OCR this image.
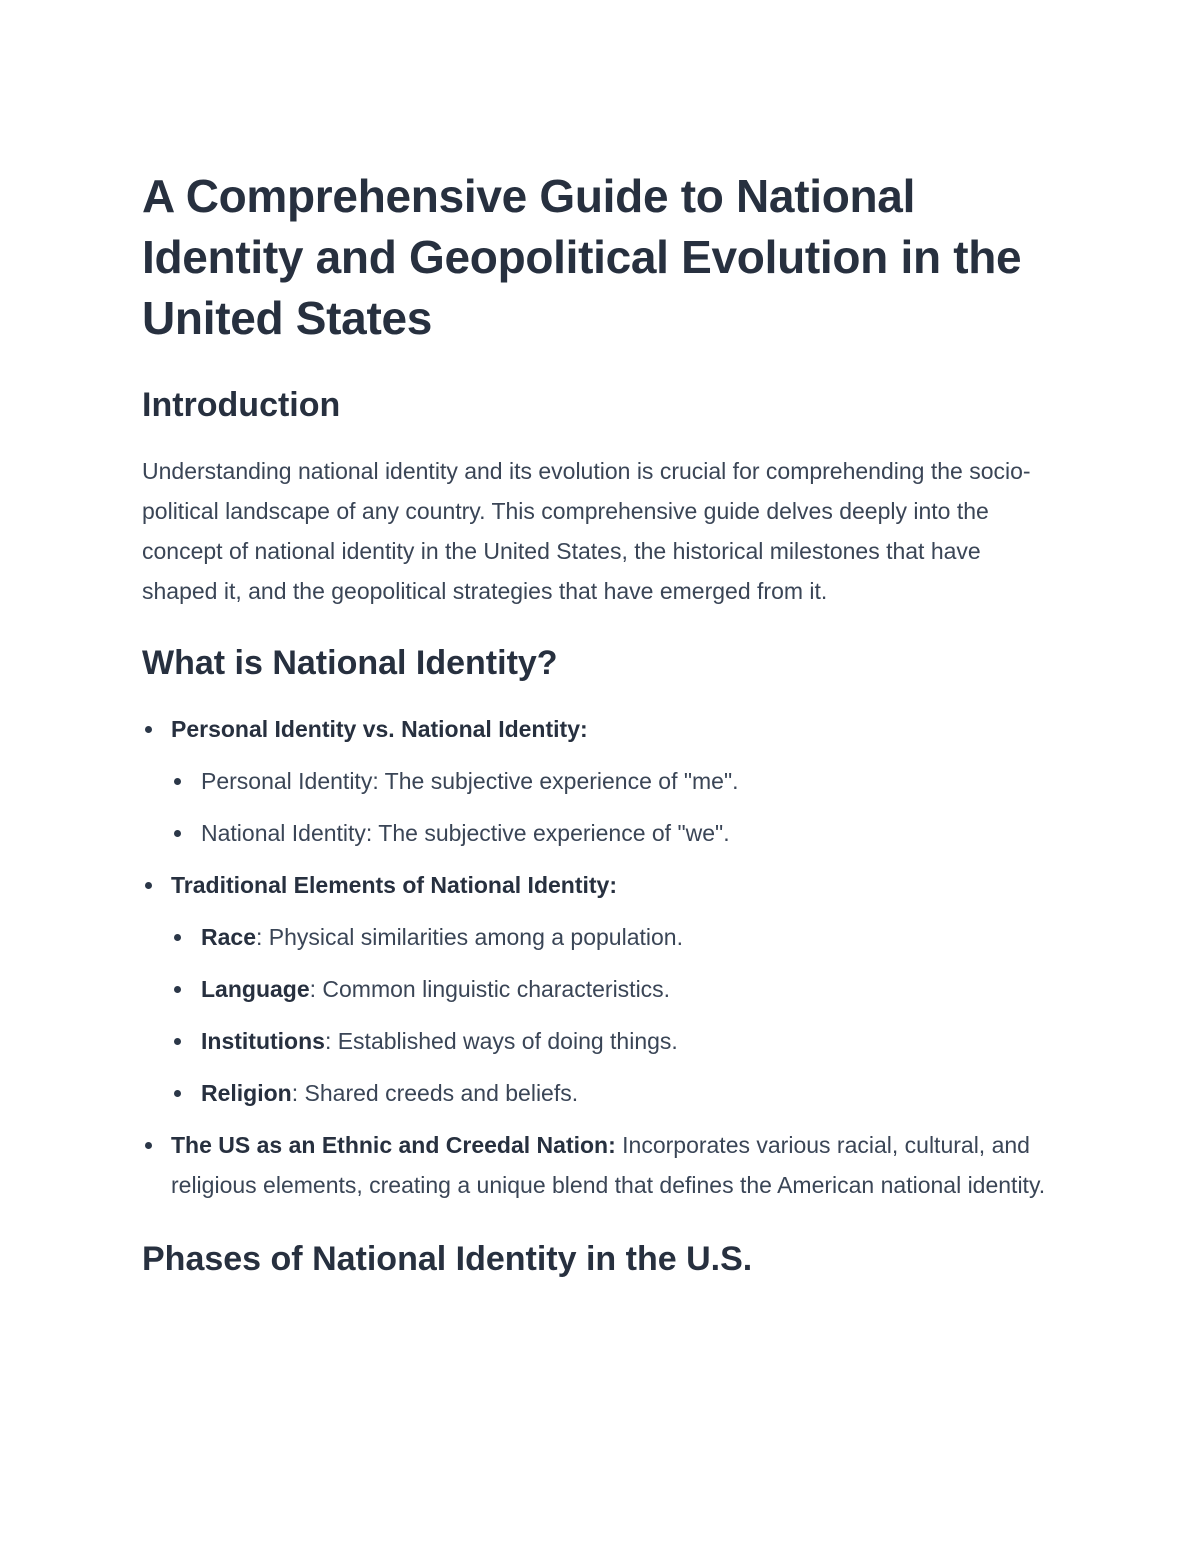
A Comprehensive Guide to National Identity and Geopolitical Evolution in the United States
Introduction

Understanding national identity and its evolution is crucial for comprehending the socio-political landscape of any country. This comprehensive guide delves deeply into the concept of national identity in the United States, the historical milestones that have shaped it, and the geopolitical strategies that have emerged from it.

What is National Identity?
Personal Identity vs. National Identity:
Personal Identity: The subjective experience of "me".
National Identity: The subjective experience of "we".
Traditional Elements of National Identity:
Race: Physical similarities among a population.
Language: Common linguistic characteristics.
Institutions: Established ways of doing things.
Religion: Shared creeds and beliefs.
The US as an Ethnic and Creedal Nation: Incorporates various racial, cultural, and religious elements, creating a unique blend that defines the American national identity.
Phases of National Identity in the U.S.
